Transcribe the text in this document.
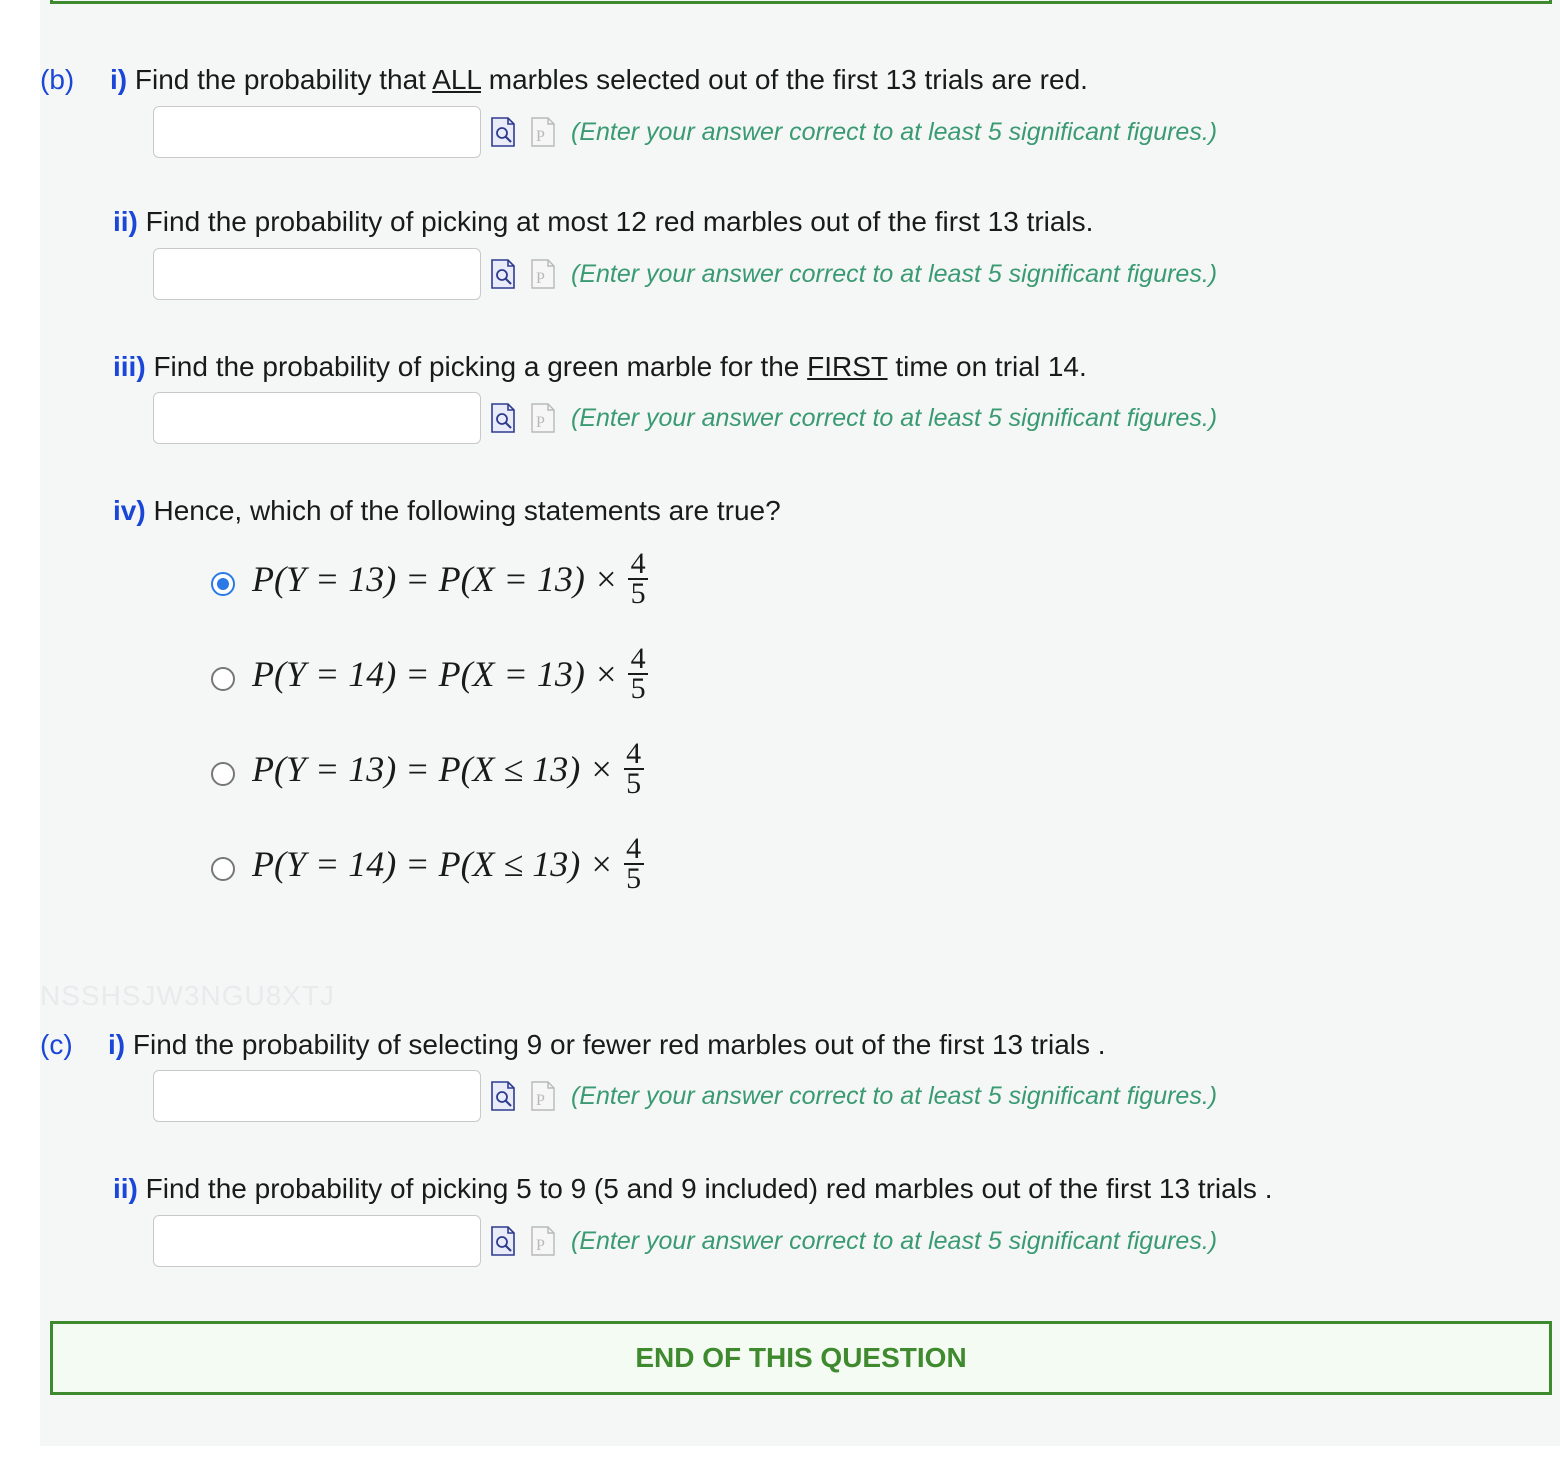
(b) i) Find the probability that ALL marbles selected out of the first 13 trials are red.
P (Enter your answer correct to at least 5 significant figures.)
ii) Find the probability of picking at most 12 red marbles out of the first 13 trials.
P (Enter your answer correct to at least 5 significant figures.)
iii) Find the probability of picking a green marble for the FIRST time on trial 14.
P (Enter your answer correct to at least 5 significant figures.)
iv) Hence, which of the following statements are true?
$P(Y = 13) = P(X = 13) \times \frac{4}{5}$
$P(Y = 14) = P(X = 13) \times \frac{4}{5}$
$P(Y = 13) = P(X \le 13) \times \frac{4}{5}$
$P(Y = 14) = P(X \le 13) \times \frac{4}{5}$
NSSHSJW3NGU8XTJ
(c) i) Find the probability of selecting 9 or fewer red marbles out of the first 13 trials .
P (Enter your answer correct to at least 5 significant figures.)
ii) Find the probability of picking 5 to 9 (5 and 9 included) red marbles out of the first 13 trials .
P (Enter your answer correct to at least 5 significant figures.)
END OF THIS QUESTION
